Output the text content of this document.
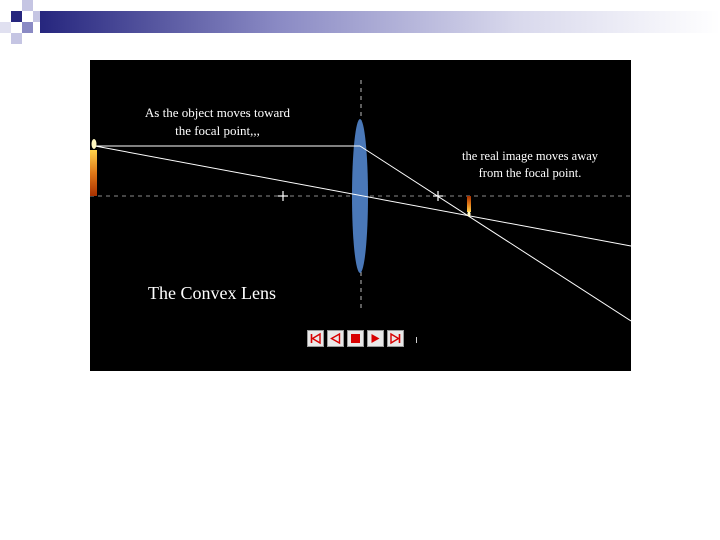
As the object moves toward
the focal point,,,
the real image moves away
from the focal point.
The Convex Lens
